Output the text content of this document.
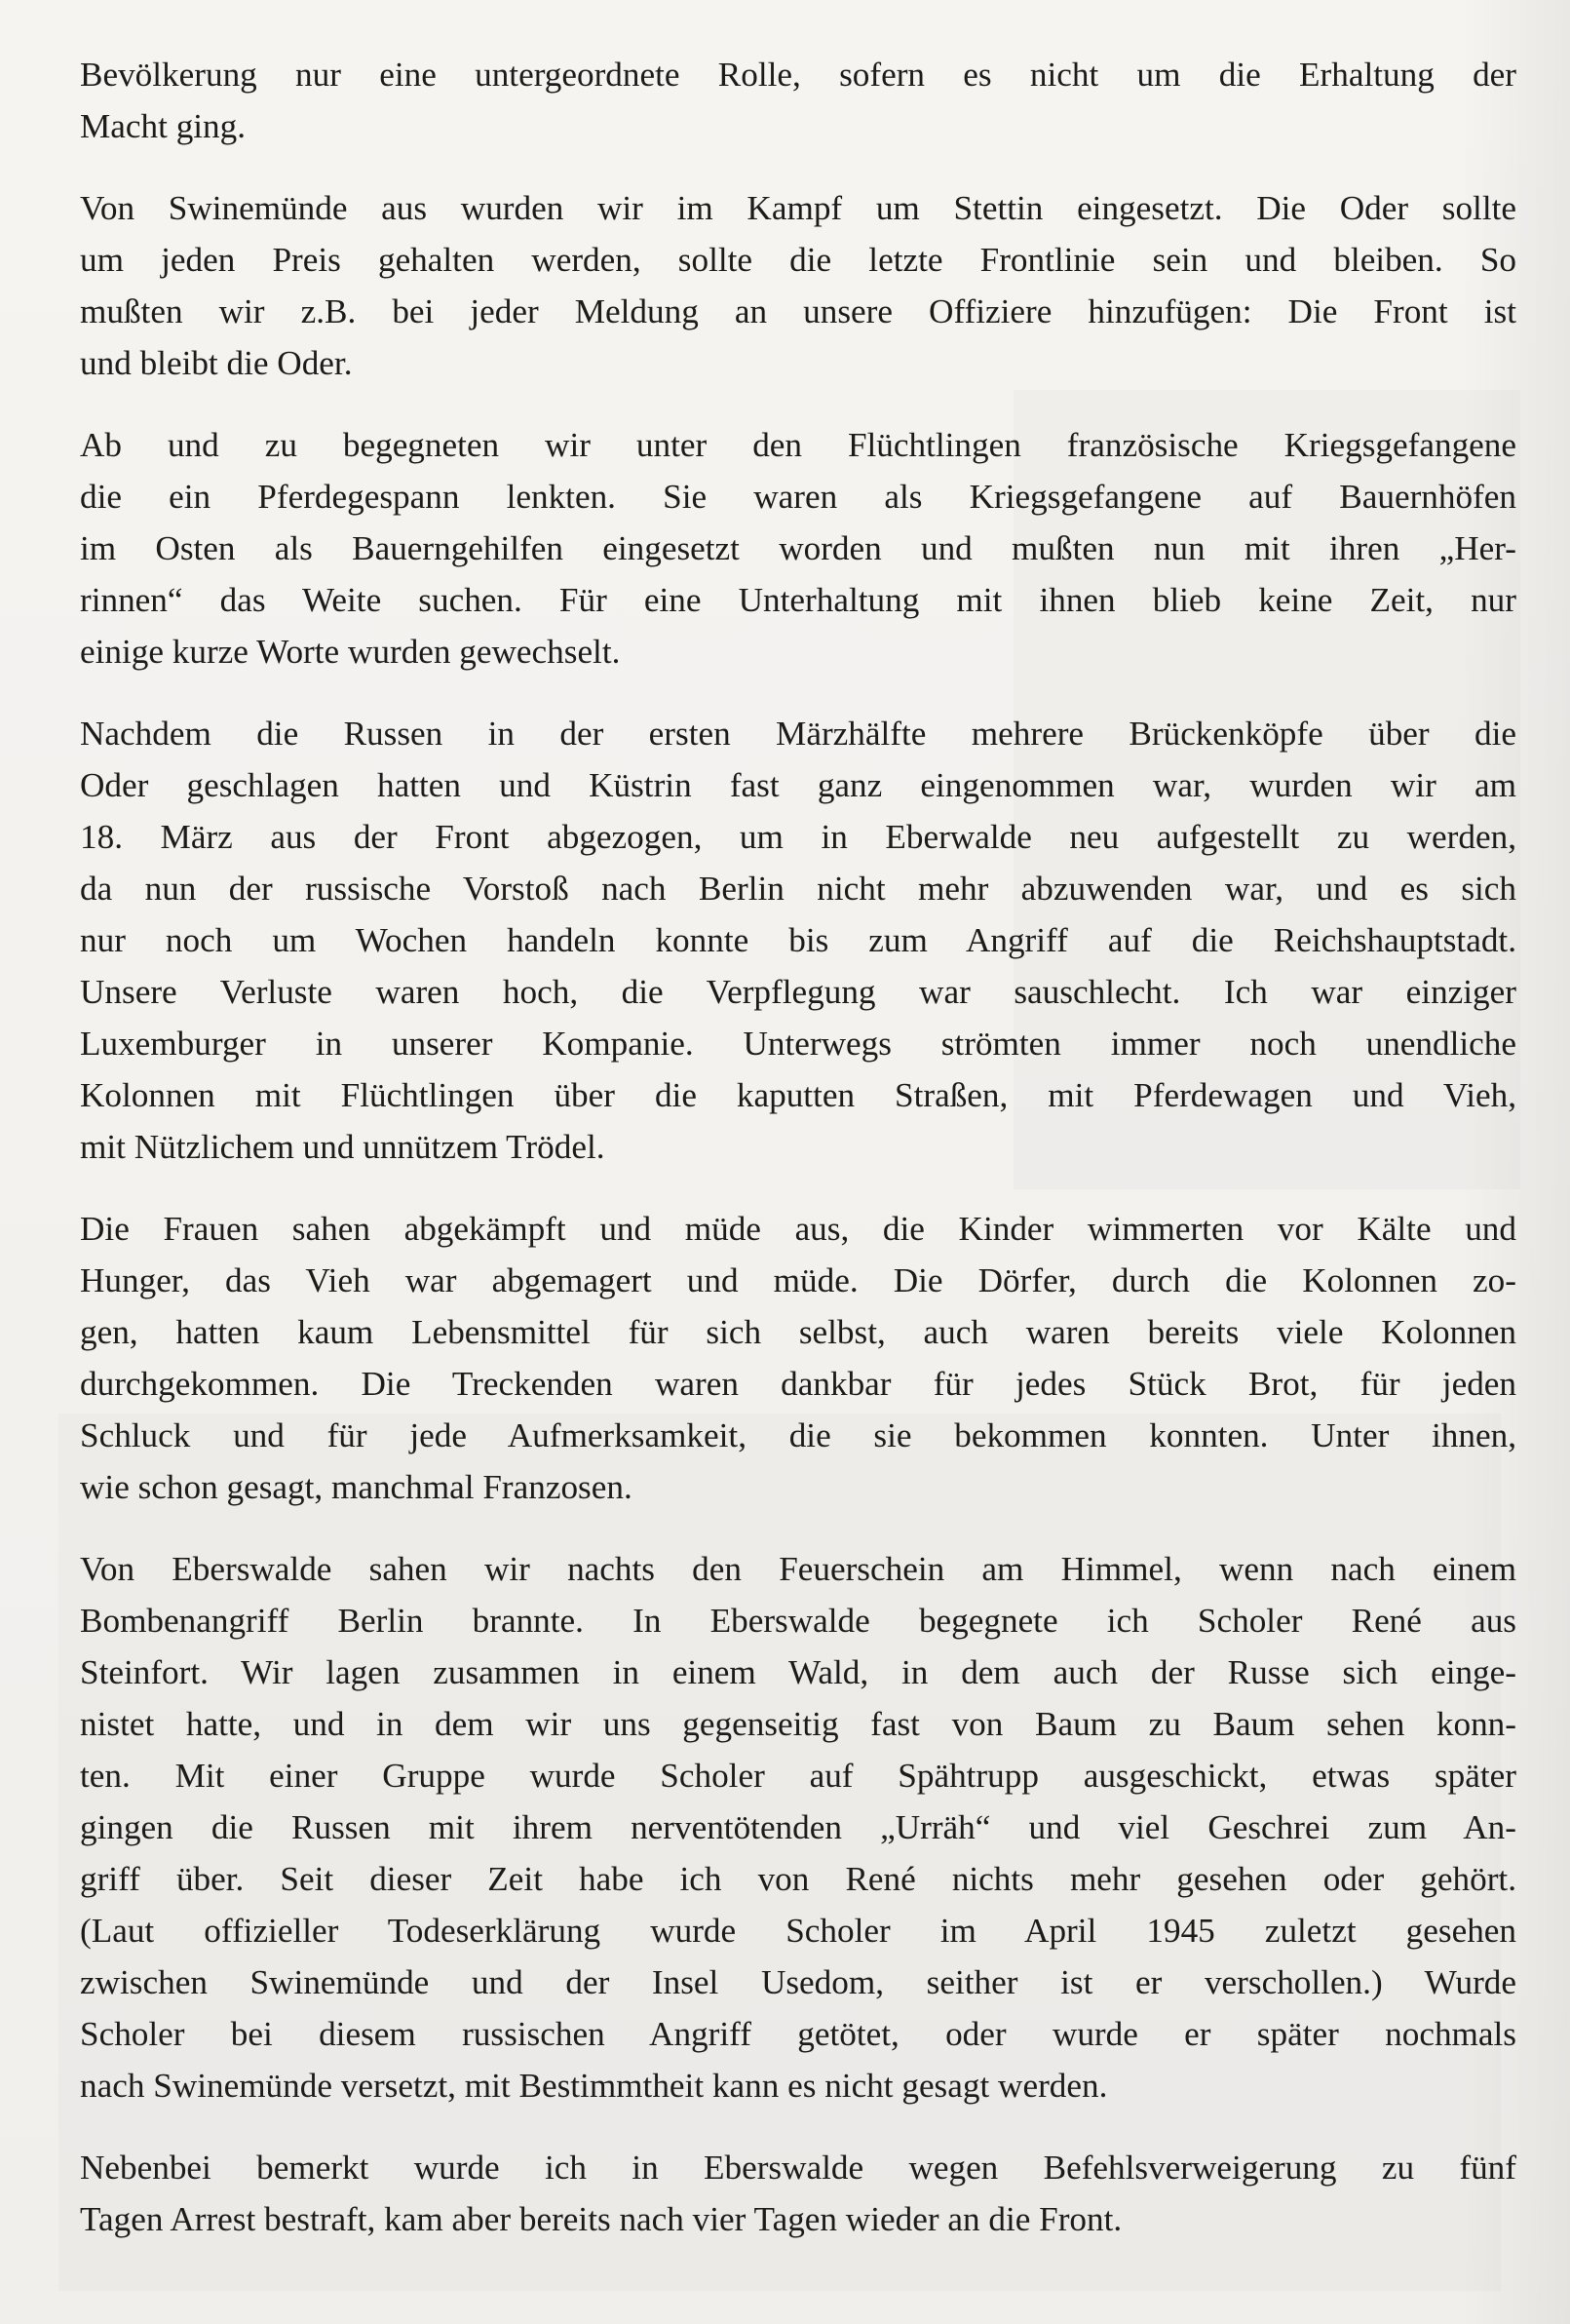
Bevölkerung nur eine untergeordnete Rolle, sofern es nicht um die Erhaltung der
Macht ging.

Von Swinemünde aus wurden wir im Kampf um Stettin eingesetzt. Die Oder sollte
um jeden Preis gehalten werden, sollte die letzte Frontlinie sein und bleiben. So
mußten wir z.B. bei jeder Meldung an unsere Offiziere hinzufügen: Die Front ist
und bleibt die Oder.

Ab und zu begegneten wir unter den Flüchtlingen französische Kriegsgefangene
die ein Pferdegespann lenkten. Sie waren als Kriegsgefangene auf Bauernhöfen
im Osten als Bauerngehilfen eingesetzt worden und mußten nun mit ihren „Her-
rinnen“ das Weite suchen. Für eine Unterhaltung mit ihnen blieb keine Zeit, nur
einige kurze Worte wurden gewechselt.

Nachdem die Russen in der ersten Märzhälfte mehrere Brückenköpfe über die
Oder geschlagen hatten und Küstrin fast ganz eingenommen war, wurden wir am
18. März aus der Front abgezogen, um in Eberwalde neu aufgestellt zu werden,
da nun der russische Vorstoß nach Berlin nicht mehr abzuwenden war, und es sich
nur noch um Wochen handeln konnte bis zum Angriff auf die Reichshauptstadt.
Unsere Verluste waren hoch, die Verpflegung war sauschlecht. Ich war einziger
Luxemburger in unserer Kompanie. Unterwegs strömten immer noch unendliche
Kolonnen mit Flüchtlingen über die kaputten Straßen, mit Pferdewagen und Vieh,
mit Nützlichem und unnützem Trödel.

Die Frauen sahen abgekämpft und müde aus, die Kinder wimmerten vor Kälte und
Hunger, das Vieh war abgemagert und müde. Die Dörfer, durch die Kolonnen zo-
gen, hatten kaum Lebensmittel für sich selbst, auch waren bereits viele Kolonnen
durchgekommen. Die Treckenden waren dankbar für jedes Stück Brot, für jeden
Schluck und für jede Aufmerksamkeit, die sie bekommen konnten. Unter ihnen,
wie schon gesagt, manchmal Franzosen.

Von Eberswalde sahen wir nachts den Feuerschein am Himmel, wenn nach einem
Bombenangriff Berlin brannte. In Eberswalde begegnete ich Scholer René aus
Steinfort. Wir lagen zusammen in einem Wald, in dem auch der Russe sich einge-
nistet hatte, und in dem wir uns gegenseitig fast von Baum zu Baum sehen konn-
ten. Mit einer Gruppe wurde Scholer auf Spähtrupp ausgeschickt, etwas später
gingen die Russen mit ihrem nerventötenden „Urräh“ und viel Geschrei zum An-
griff über. Seit dieser Zeit habe ich von René nichts mehr gesehen oder gehört.
(Laut offizieller Todeserklärung wurde Scholer im April 1945 zuletzt gesehen
zwischen Swinemünde und der Insel Usedom, seither ist er verschollen.) Wurde
Scholer bei diesem russischen Angriff getötet, oder wurde er später nochmals
nach Swinemünde versetzt, mit Bestimmtheit kann es nicht gesagt werden.

Nebenbei bemerkt wurde ich in Eberswalde wegen Befehlsverweigerung zu fünf
Tagen Arrest bestraft, kam aber bereits nach vier Tagen wieder an die Front.
